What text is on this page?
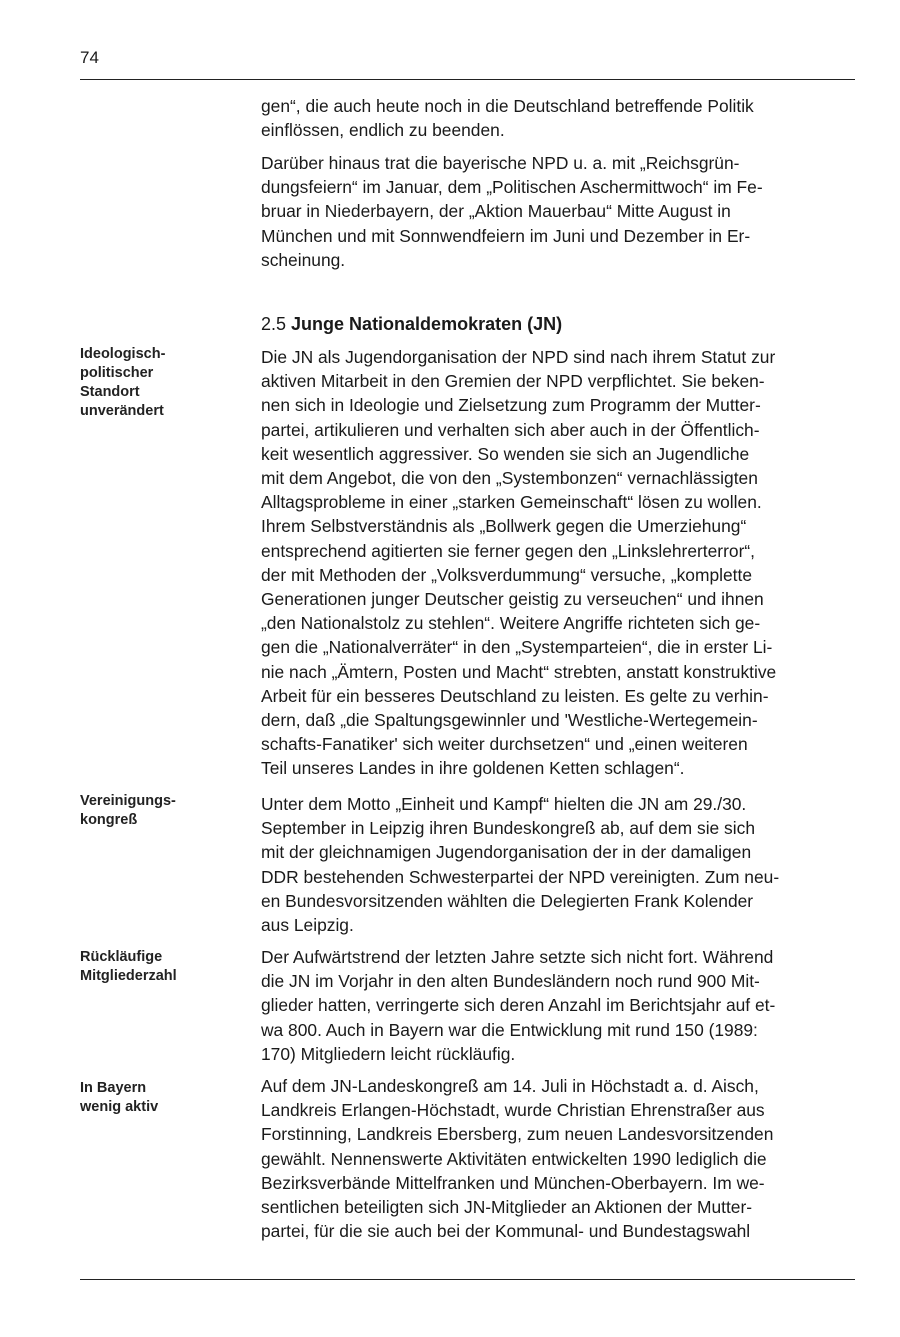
74
gen“, die auch heute noch in die Deutschland betreffende Politik
einflössen, endlich zu beenden.
Darüber hinaus trat die bayerische NPD u. a. mit „Reichsgrün-
dungsfeiern“ im Januar, dem „Politischen Aschermittwoch“ im Fe-
bruar in Niederbayern, der „Aktion Mauerbau“ Mitte August in
München und mit Sonnwendfeiern im Juni und Dezember in Er-
scheinung.
2.5 Junge Nationaldemokraten (JN)
Ideologisch-
politischer
Standort
unverändert
Die JN als Jugendorganisation der NPD sind nach ihrem Statut zur
aktiven Mitarbeit in den Gremien der NPD verpflichtet. Sie beken-
nen sich in Ideologie und Zielsetzung zum Programm der Mutter-
partei, artikulieren und verhalten sich aber auch in der Öffentlich-
keit wesentlich aggressiver. So wenden sie sich an Jugendliche
mit dem Angebot, die von den „Systembonzen“ vernachlässigten
Alltagsprobleme in einer „starken Gemeinschaft“ lösen zu wollen.
Ihrem Selbstverständnis als „Bollwerk gegen die Umerziehung“
entsprechend agitierten sie ferner gegen den „Linkslehrerterror“,
der mit Methoden der „Volksverdummung“ versuche, „komplette
Generationen junger Deutscher geistig zu verseuchen“ und ihnen
„den Nationalstolz zu stehlen“. Weitere Angriffe richteten sich ge-
gen die „Nationalverräter“ in den „Systemparteien“, die in erster Li-
nie nach „Ämtern, Posten und Macht“ strebten, anstatt konstruktive
Arbeit für ein besseres Deutschland zu leisten. Es gelte zu verhin-
dern, daß „die Spaltungsgewinnler und 'Westliche-Wertegemein-
schafts-Fanatiker' sich weiter durchsetzen“ und „einen weiteren
Teil unseres Landes in ihre goldenen Ketten schlagen“.
Vereinigungs-
kongreß
Unter dem Motto „Einheit und Kampf“ hielten die JN am 29./30.
September in Leipzig ihren Bundeskongreß ab, auf dem sie sich
mit der gleichnamigen Jugendorganisation der in der damaligen
DDR bestehenden Schwesterpartei der NPD vereinigten. Zum neu-
en Bundesvorsitzenden wählten die Delegierten Frank Kolender
aus Leipzig.
Rückläufige
Mitgliederzahl
Der Aufwärtstrend der letzten Jahre setzte sich nicht fort. Während
die JN im Vorjahr in den alten Bundesländern noch rund 900 Mit-
glieder hatten, verringerte sich deren Anzahl im Berichtsjahr auf et-
wa 800. Auch in Bayern war die Entwicklung mit rund 150 (1989:
170) Mitgliedern leicht rückläufig.
In Bayern
wenig aktiv
Auf dem JN-Landeskongreß am 14. Juli in Höchstadt a. d. Aisch,
Landkreis Erlangen-Höchstadt, wurde Christian Ehrenstraßer aus
Forstinning, Landkreis Ebersberg, zum neuen Landesvorsitzenden
gewählt. Nennenswerte Aktivitäten entwickelten 1990 lediglich die
Bezirksverbände Mittelfranken und München-Oberbayern. Im we-
sentlichen beteiligten sich JN-Mitglieder an Aktionen der Mutter-
partei, für die sie auch bei der Kommunal- und Bundestagswahl
